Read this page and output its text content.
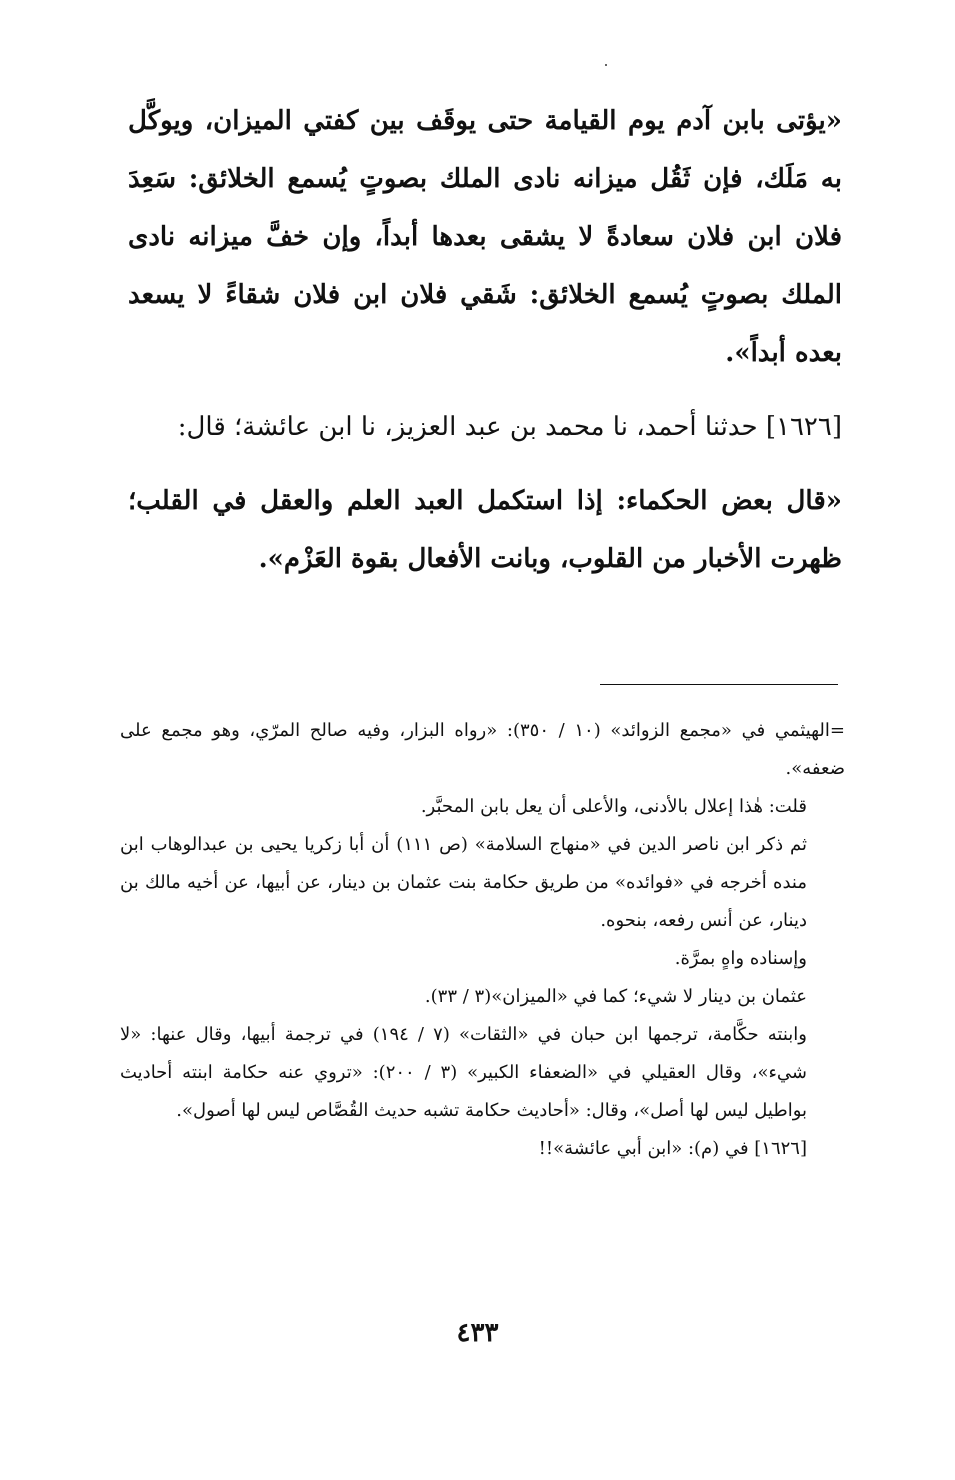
«يؤتى بابن آدم يوم القيامة حتى يوقَف بين كفتي الميزان، ويوكَّل به مَلَك، فإن ثَقُل ميزانه نادى الملك بصوتٍ يُسمع الخلائق: سَعِدَ فلان ابن فلان سعادةً لا يشقى بعدها أبداً، وإن خفَّ ميزانه نادى الملك بصوتٍ يُسمع الخلائق: شَقي فلان ابن فلان شقاءً لا يسعد بعده أبداً».

[١٦٢٦] حدثنا أحمد، نا محمد بن عبد العزيز، نا ابن عائشة؛ قال:

«قال بعض الحكماء: إذا استكمل العبد العلم والعقل في القلب؛ ظهرت الأخبار من القلوب، وبانت الأفعال بقوة العَزْم».

=الهيثمي في «مجمع الزوائد» (١٠ / ٣٥٠): «رواه البزار، وفيه صالح المرّي، وهو مجمع على ضعفه».

قلت: هٰذا إعلال بالأدنى، والأعلى أن يعل بابن المحبَّر.

ثم ذكر ابن ناصر الدين في «منهاج السلامة» (ص ١١١) أن أبا زكريا يحيى بن عبدالوهاب ابن منده أخرجه في «فوائده» من طريق حكامة بنت عثمان بن دينار، عن أبيها، عن أخيه مالك بن دينار، عن أنس رفعه، بنحوه.

وإسناده واهٍ بمرَّة.

عثمان بن دينار لا شيء؛ كما في «الميزان»(٣ / ٣٣).

وابنته حكَّامة، ترجمها ابن حبان في «الثقات» (٧ / ١٩٤) في ترجمة أبيها، وقال عنها: «لا شيء»، وقال العقيلي في «الضعفاء الكبير» (٣ / ٢٠٠): «تروي عنه حكامة ابنته أحاديث بواطيل ليس لها أصل»، وقال: «أحاديث حكامة تشبه حديث القُصَّاص ليس لها أصول».

[١٦٢٦] في (م): «ابن أبي عائشة»!!

٤٣٣
